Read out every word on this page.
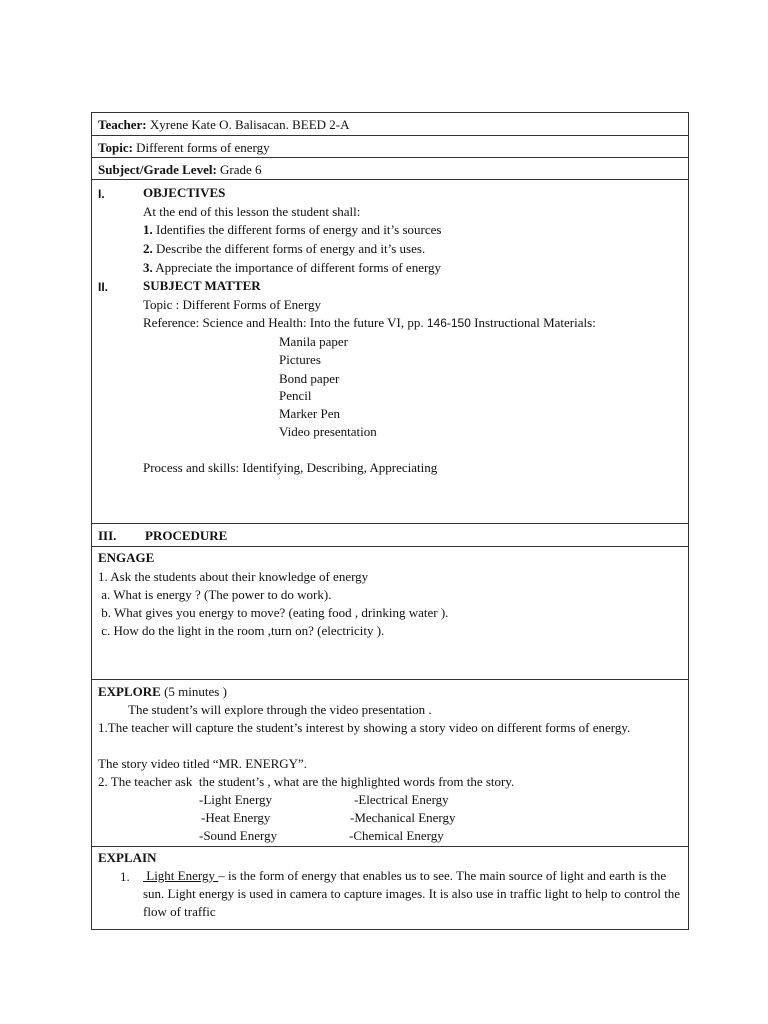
Teacher: Xyrene Kate O. Balisacan. BEED 2-A
Topic: Different forms of energy
Subject/Grade Level: Grade 6
I.	OBJECTIVES
At the end of this lesson the student shall:
1. Identifies the different forms of energy and it’s sources
2. Describe the different forms of energy and it’s uses.
3. Appreciate the importance of different forms of energy
II.	SUBJECT MATTER
Topic : Different Forms of Energy
Reference: Science and Health: Into the future VI, pp. 146-150 Instructional Materials:
Manila paper
Pictures
Bond paper
Pencil
Marker Pen
Video presentation
Process and skills: Identifying, Describing, Appreciating
III. PROCEDURE
ENGAGE
1. Ask the students about their knowledge of energy
a. What is energy ? (The power to do work).
b. What gives you energy to move? (eating food , drinking water ).
c. How do the light in the room ,turn on? (electricity ).
EXPLORE (5 minutes )
The student’s will explore through the video presentation .
1.The teacher will capture the student’s interest by showing a story video on different forms of energy.
The story video titled “MR. ENERGY”.
2. The teacher ask  the student’s , what are the highlighted words from the story.
-Light Energy
-Heat Energy
-Sound Energy
-Electrical Energy
-Mechanical Energy
-Chemical Energy
EXPLAIN
1. Light Energy – is the form of energy that enables us to see. The main source of light and earth is the sun. Light energy is used in camera to capture images. It is also use in traffic light to help to control the flow of traffic
